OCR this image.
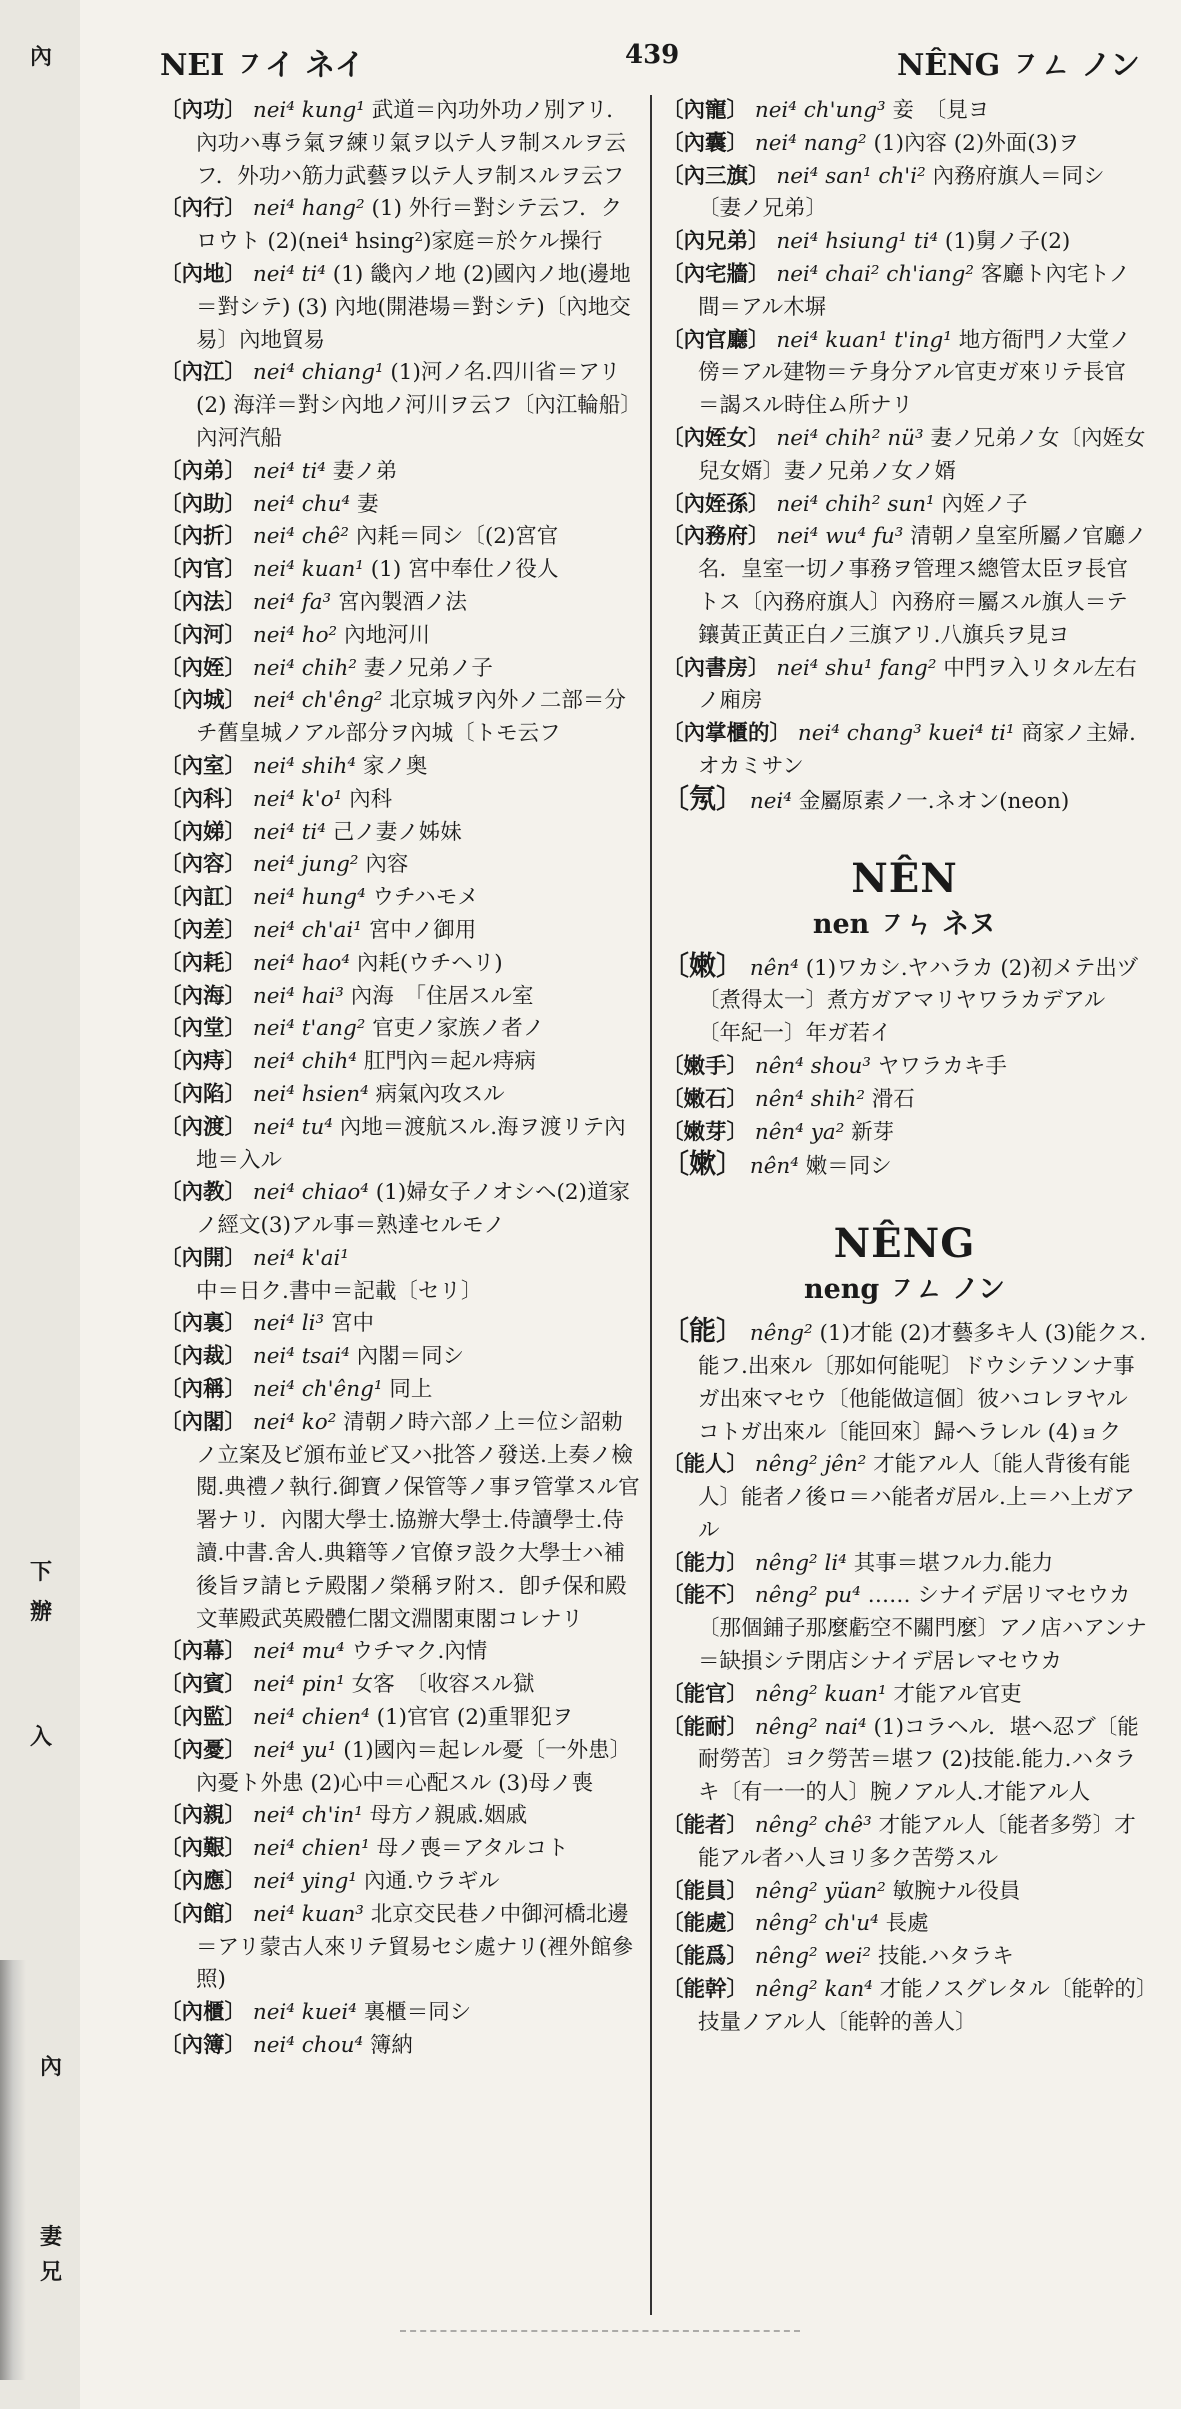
內
下
辦
入
內
妻
兄
NEI ㇇イ ネイ	439	NÊNG ㇇ㄥ ノン

〔內功〕 nei⁴ kung¹ 武道＝內功外功ノ別アリ．內功ハ專ラ氣ヲ練リ氣ヲ以テ人ヲ制スルヲ云フ．外功ハ筋力武藝ヲ以テ人ヲ制スルヲ云フ

〔內行〕 nei⁴ hang² (1) 外行＝對シテ云フ．クロウト (2)(nei⁴ hsing²)家庭＝於ケル操行

〔內地〕 nei⁴ ti⁴ (1) 畿內ノ地 (2)國內ノ地(邊地＝對シテ) (3) 內地(開港場＝對シテ)〔內地交易〕內地貿易

〔內江〕 nei⁴ chiang¹ (1)河ノ名.四川省＝アリ (2) 海洋＝對シ內地ノ河川ヲ云フ〔內江輪船〕內河汽船

〔內弟〕 nei⁴ ti⁴ 妻ノ弟

〔內助〕 nei⁴ chu⁴ 妻

〔內折〕 nei⁴ chê² 內耗＝同シ〔(2)宮官

〔內官〕 nei⁴ kuan¹ (1) 宮中奉仕ノ役人

〔內法〕 nei⁴ fa³ 宮內製酒ノ法

〔內河〕 nei⁴ ho² 內地河川

〔內姪〕 nei⁴ chih² 妻ノ兄弟ノ子

〔內城〕 nei⁴ ch'êng² 北京城ヲ內外ノ二部＝分チ舊皇城ノアル部分ヲ內城〔トモ云フ

〔內室〕 nei⁴ shih⁴ 家ノ奥

〔內科〕 nei⁴ k'o¹ 內科

〔內娣〕 nei⁴ ti⁴ 己ノ妻ノ姊妹

〔內容〕 nei⁴ jung² 內容

〔內訌〕 nei⁴ hung⁴ ウチハモメ

〔內差〕 nei⁴ ch'ai¹ 宮中ノ御用

〔內耗〕 nei⁴ hao⁴ 內耗(ウチヘリ)

〔內海〕 nei⁴ hai³ 內海　「住居スル室

〔內堂〕 nei⁴ t'ang² 官吏ノ家族ノ者ノ

〔內痔〕 nei⁴ chih⁴ 肛門內＝起ル痔病

〔內陷〕 nei⁴ hsien⁴ 病氣內攻スル

〔內渡〕 nei⁴ tu⁴ 內地＝渡航スル.海ヲ渡リテ內地＝入ル

〔內教〕 nei⁴ chiao⁴ (1)婦女子ノオシヘ(2)道家ノ經文(3)アル事＝熟達セルモノ

〔內開〕 nei⁴ k'ai¹ 中＝日ク.書中＝記載〔セリ〕

〔內裏〕 nei⁴ li³ 宮中

〔內裁〕 nei⁴ tsai⁴ 內閣＝同シ

〔內稱〕 nei⁴ ch'êng¹ 同上

〔內閣〕 nei⁴ ko² 清朝ノ時六部ノ上＝位シ詔勅ノ立案及ビ頒布並ビ又ハ批答ノ發送.上奏ノ檢閱.典禮ノ執行.御寶ノ保管等ノ事ヲ管掌スル官署ナリ．內閣大學士.協辦大學士.侍讀學士.侍讀.中書.舍人.典籍等ノ官僚ヲ設ク大學士ハ補後旨ヲ請ヒテ殿閣ノ榮稱ヲ附ス．卽チ保和殿文華殿武英殿體仁閣文淵閣東閣コレナリ

〔內幕〕 nei⁴ mu⁴ ウチマク.內情

〔內賓〕 nei⁴ pin¹ 女客　〔收容スル獄

〔內監〕 nei⁴ chien⁴ (1)官官 (2)重罪犯ヲ

〔內憂〕 nei⁴ yu¹ (1)國內＝起レル憂〔一外患〕內憂ト外患 (2)心中＝心配スル (3)母ノ喪

〔內親〕 nei⁴ ch'in¹ 母方ノ親戚.姻戚

〔內艱〕 nei⁴ chien¹ 母ノ喪＝アタルコト

〔內應〕 nei⁴ ying¹ 內通.ウラギル

〔內館〕 nei⁴ kuan³ 北京交民巷ノ中御河橋北邊＝アリ蒙古人來リテ貿易セシ處ナリ(裡外館參照)

〔內櫃〕 nei⁴ kuei⁴ 裏櫃＝同シ

〔內簿〕 nei⁴ chou⁴ 簿納

〔內寵〕 nei⁴ ch'ung³ 妾　〔見ヨ

〔內囊〕 nei⁴ nang² (1)內容 (2)外面(3)ヲ

〔內三旗〕 nei⁴ san¹ ch'i² 內務府旗人＝同シ　〔妻ノ兄弟〕

〔內兄弟〕 nei⁴ hsiung¹ ti⁴ (1)舅ノ子(2)

〔內宅牆〕 nei⁴ chai² ch'iang² 客廳ト內宅トノ間＝アル木塀

〔內官廳〕 nei⁴ kuan¹ t'ing¹ 地方衙門ノ大堂ノ傍＝アル建物＝テ身分アル官吏ガ來リテ長官＝謁スル時住ム所ナリ

〔內姪女〕 nei⁴ chih² nü³ 妻ノ兄弟ノ女〔內姪女兒女婿〕妻ノ兄弟ノ女ノ婿

〔內姪孫〕 nei⁴ chih² sun¹ 內姪ノ子

〔內務府〕 nei⁴ wu⁴ fu³ 清朝ノ皇室所屬ノ官廳ノ名．皇室一切ノ事務ヲ管理ス總管太臣ヲ長官トス〔內務府旗人〕內務府＝屬スル旗人＝テ鑲黃正黃正白ノ三旗アリ.八旗兵ヲ見ヨ

〔內書房〕 nei⁴ shu¹ fang² 中門ヲ入リタル左右ノ廂房

〔內掌櫃的〕 nei⁴ chang³ kuei⁴ ti¹ 商家ノ主婦.オカミサン

〔氖〕 nei⁴ 金屬原素ノ一.ネオン(neon)

NÊN
nen ㇇ㄣ ネヌ

〔嫩〕 nên⁴ (1)ワカシ.ヤハラカ (2)初メテ出ヅ〔煮得太一〕煮方ガアマリヤワラカデアル〔年紀一〕年ガ若イ

〔嫩手〕 nên⁴ shou³ ヤワラカキ手

〔嫩石〕 nên⁴ shih² 滑石

〔嫩芽〕 nên⁴ ya² 新芽

〔嫰〕 nên⁴ 嫩＝同シ

NÊNG
neng ㇇ㄥ ノン

〔能〕 nêng² (1)才能 (2)才藝多キ人 (3)能クス.能フ.出來ル〔那如何能呢〕ドウシテソンナ事ガ出來マセウ〔他能做這個〕彼ハコレヲヤルコトガ出來ル〔能回來〕歸ヘラレル (4)ョク

〔能人〕 nêng² jên² 才能アル人〔能人背後有能人〕能者ノ後ロ＝ハ能者ガ居ル.上＝ハ上ガアル

〔能力〕 nêng² li⁴ 其事＝堪フル力.能力

〔能不〕 nêng² pu⁴ …… シナイデ居リマセウカ〔那個鋪子那麼虧空不關門麼〕アノ店ハアンナ＝缺損シテ閉店シナイデ居レマセウカ

〔能官〕 nêng² kuan¹ 才能アル官吏

〔能耐〕 nêng² nai⁴ (1)コラヘル．堪ヘ忍ブ〔能耐勞苦〕ヨク勞苦＝堪フ (2)技能.能力.ハタラキ〔有一一的人〕腕ノアル人.才能アル人

〔能者〕 nêng² chê³ 才能アル人〔能者多勞〕才能アル者ハ人ヨリ多ク苦勞スル

〔能員〕 nêng² yüan² 敏腕ナル役員

〔能處〕 nêng² ch'u⁴ 長處

〔能爲〕 nêng² wei² 技能.ハタラキ

〔能幹〕 nêng² kan⁴ 才能ノスグレタル〔能幹的〕技量ノアル人〔能幹的善人〕
